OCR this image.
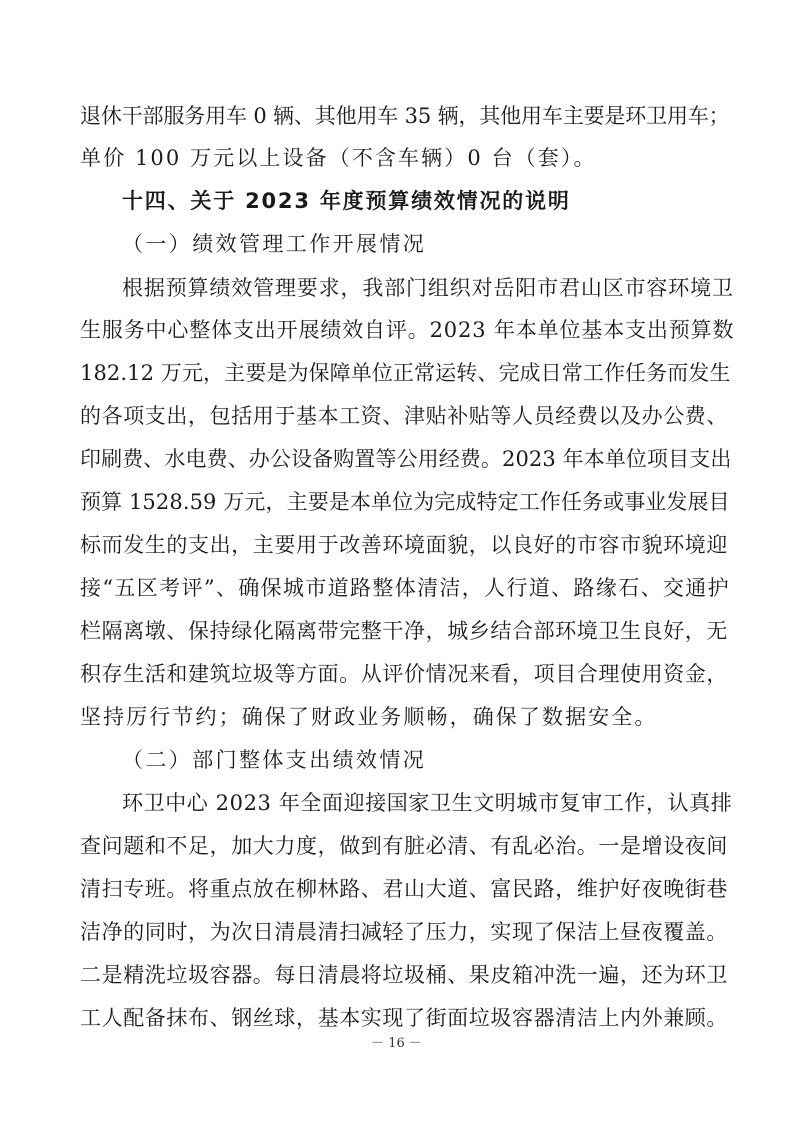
退休干部服务用车 0 辆、其他用车 35 辆，其他用车主要是环卫用车；
单价 100 万元以上设备（不含车辆）0 台（套）。
十四、关于 2023 年度预算绩效情况的说明
（一）绩效管理工作开展情况
根据预算绩效管理要求，我部门组织对岳阳市君山区市容环境卫
生服务中心整体支出开展绩效自评。2023 年本单位基本支出预算数
182.12 万元，主要是为保障单位正常运转、完成日常工作任务而发生
的各项支出，包括用于基本工资、津贴补贴等人员经费以及办公费、
印刷费、水电费、办公设备购置等公用经费。2023 年本单位项目支出
预算 1528.59 万元，主要是本单位为完成特定工作任务或事业发展目
标而发生的支出，主要用于改善环境面貌，以良好的市容市貌环境迎
接“五区考评”、确保城市道路整体清洁，人行道、路缘石、交通护
栏隔离墩、保持绿化隔离带完整干净，城乡结合部环境卫生良好，无
积存生活和建筑垃圾等方面。从评价情况来看，项目合理使用资金，
坚持厉行节约；确保了财政业务顺畅，确保了数据安全。
（二）部门整体支出绩效情况
环卫中心 2023 年全面迎接国家卫生文明城市复审工作，认真排
查问题和不足，加大力度，做到有脏必清、有乱必治。一是增设夜间
清扫专班。将重点放在柳林路、君山大道、富民路，维护好夜晚街巷
洁净的同时，为次日清晨清扫减轻了压力，实现了保洁上昼夜覆盖。
二是精洗垃圾容器。每日清晨将垃圾桶、果皮箱冲洗一遍，还为环卫
工人配备抹布、钢丝球，基本实现了街面垃圾容器清洁上内外兼顾。
－ 16 －
